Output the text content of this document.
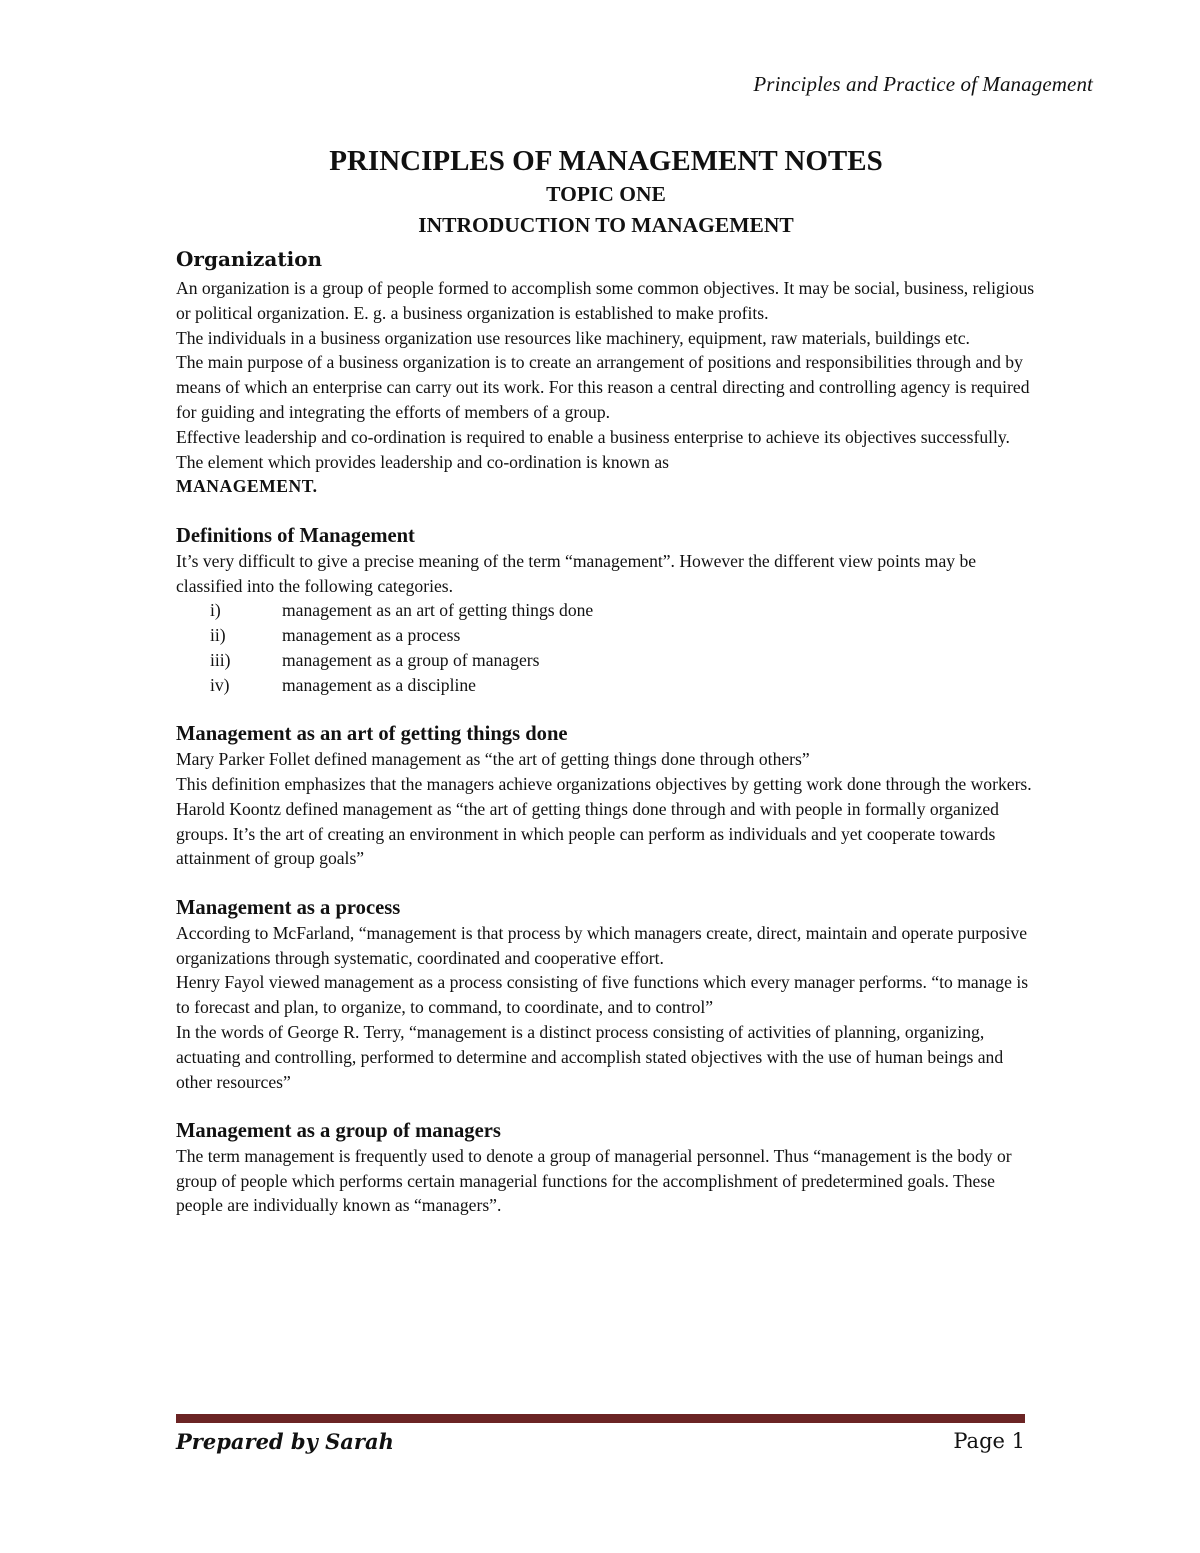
Principles and Practice of Management
PRINCIPLES OF MANAGEMENT NOTES
TOPIC ONE
INTRODUCTION TO MANAGEMENT
Organization

An organization is a group of people formed to accomplish some common objectives. It may be social, business, religious or political organization. E. g. a business organization is established to make profits.

The individuals in a business organization use resources like machinery, equipment, raw materials, buildings etc.

The main purpose of a business organization is to create an arrangement of positions and responsibilities through and by means of which an enterprise can carry out its work. For this reason a central directing and controlling agency is required for guiding and integrating the efforts of members of a group.

Effective leadership and co-ordination is required to enable a business enterprise to achieve its objectives successfully. The element which provides leadership and co-ordination is known as
MANAGEMENT.

Definitions of Management

It’s very difficult to give a precise meaning of the term “management”. However the different view points may be classified into the following categories.

i)	management as an art of getting things done
ii)	management as a process
iii)	management as a group of managers
iv)	management as a discipline
Management as an art of getting things done

Mary Parker Follet defined management as “the art of getting things done through others”

This definition emphasizes that the managers achieve organizations objectives by getting work done through the workers.

Harold Koontz defined management as “the art of getting things done through and with people in formally organized groups. It’s the art of creating an environment in which people can perform as individuals and yet cooperate towards attainment of group goals”

Management as a process

According to McFarland, “management is that process by which managers create, direct, maintain and operate purposive organizations through systematic, coordinated and cooperative effort.

Henry Fayol viewed management as a process consisting of five functions which every manager performs. “to manage is to forecast and plan, to organize, to command, to coordinate, and to control”

In the words of George R. Terry, “management is a distinct process consisting of activities of planning, organizing, actuating and controlling, performed to determine and accomplish stated objectives with the use of human beings and other resources”

Management as a group of managers

The term management is frequently used to denote a group of managerial personnel. Thus “management is the body or group of people which performs certain managerial functions for the accomplishment of predetermined goals. These people are individually known as “managers”.

Prepared by Sarah	Page 1
